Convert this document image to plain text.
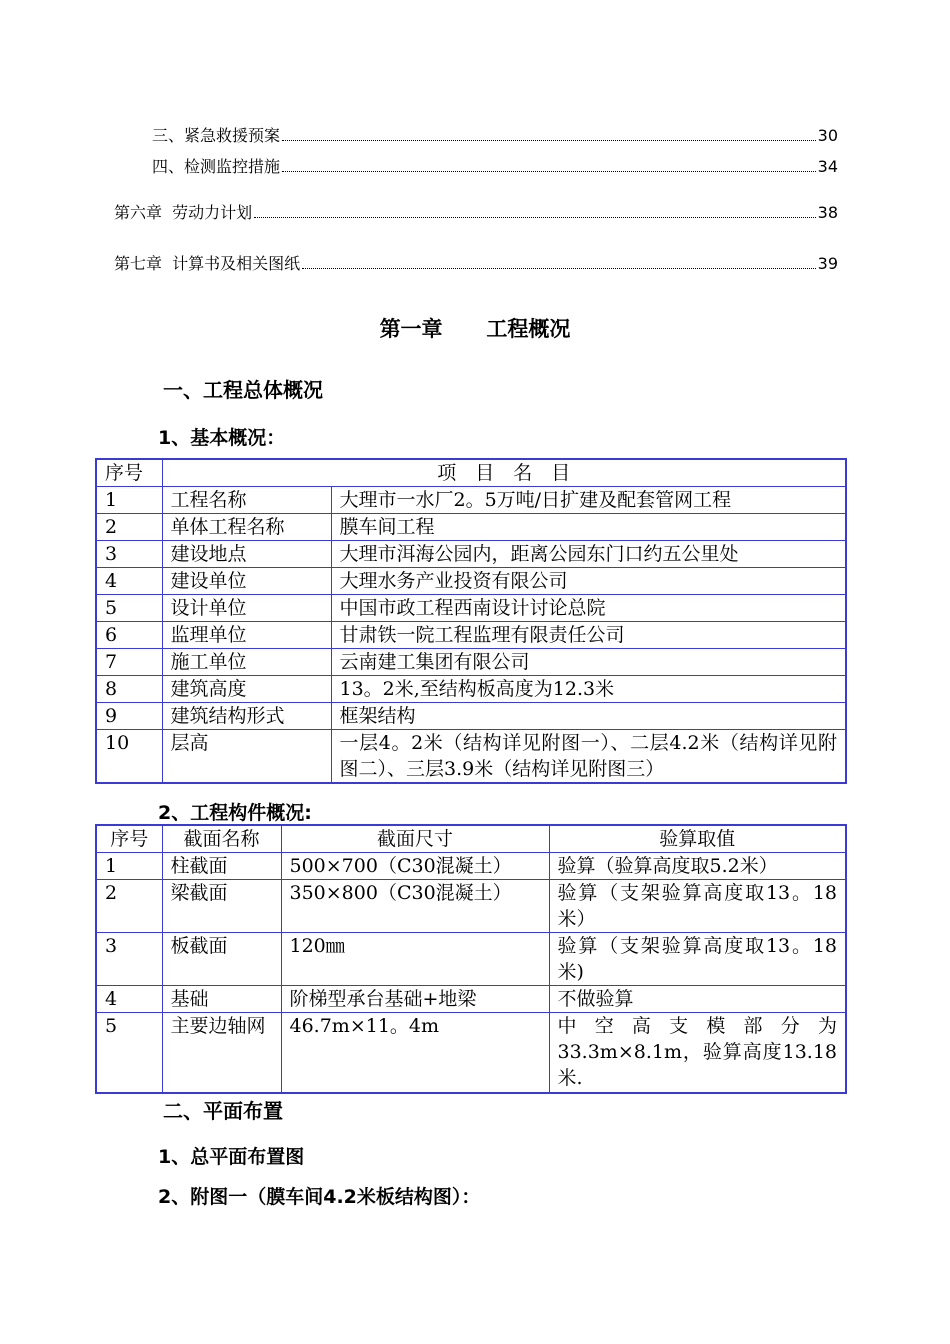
三、紧急救援预案	30
四、检测监控措施	34
第六章  劳动力计划	38
第七章  计算书及相关图纸	39
第一章      工程概况
一、工程总体概况
1、基本概况：
序号	项　目　名　目	
1	工程名称	大理市一水厂2。5万吨/日扩建及配套管网工程
2	单体工程名称	膜车间工程
3	建设地点	大理市洱海公园内，距离公园东门口约五公里处
4	建设单位	大理水务产业投资有限公司
5	设计单位	中国市政工程西南设计讨论总院
6	监理单位	甘肃铁一院工程监理有限责任公司
7	施工单位	云南建工集团有限公司
8	建筑高度	13。2米,至结构板高度为12.3米
9	建筑结构形式	框架结构
10	层高	一层4。2米（结构详见附图一）、二层4.2米（结构详见附图二）、三层3.9米（结构详见附图三）
2、工程构件概况:
序号	截面名称	截面尺寸	验算取值
1	柱截面	500×700（C30混凝土）	验算（验算高度取5.2米）
2	梁截面	350×800（C30混凝土）	验算（支架验算高度取13。18米）
3	板截面	120㎜	验算（支架验算高度取13。18米)
4	基础	阶梯型承台基础+地梁	不做验算
5	主要边轴网	46.7m×11。4m	中空高支模部分为33.3m×8.1m，验算高度13.18米.
二、平面布置
1、总平面布置图
2、附图一（膜车间4.2米板结构图）：
